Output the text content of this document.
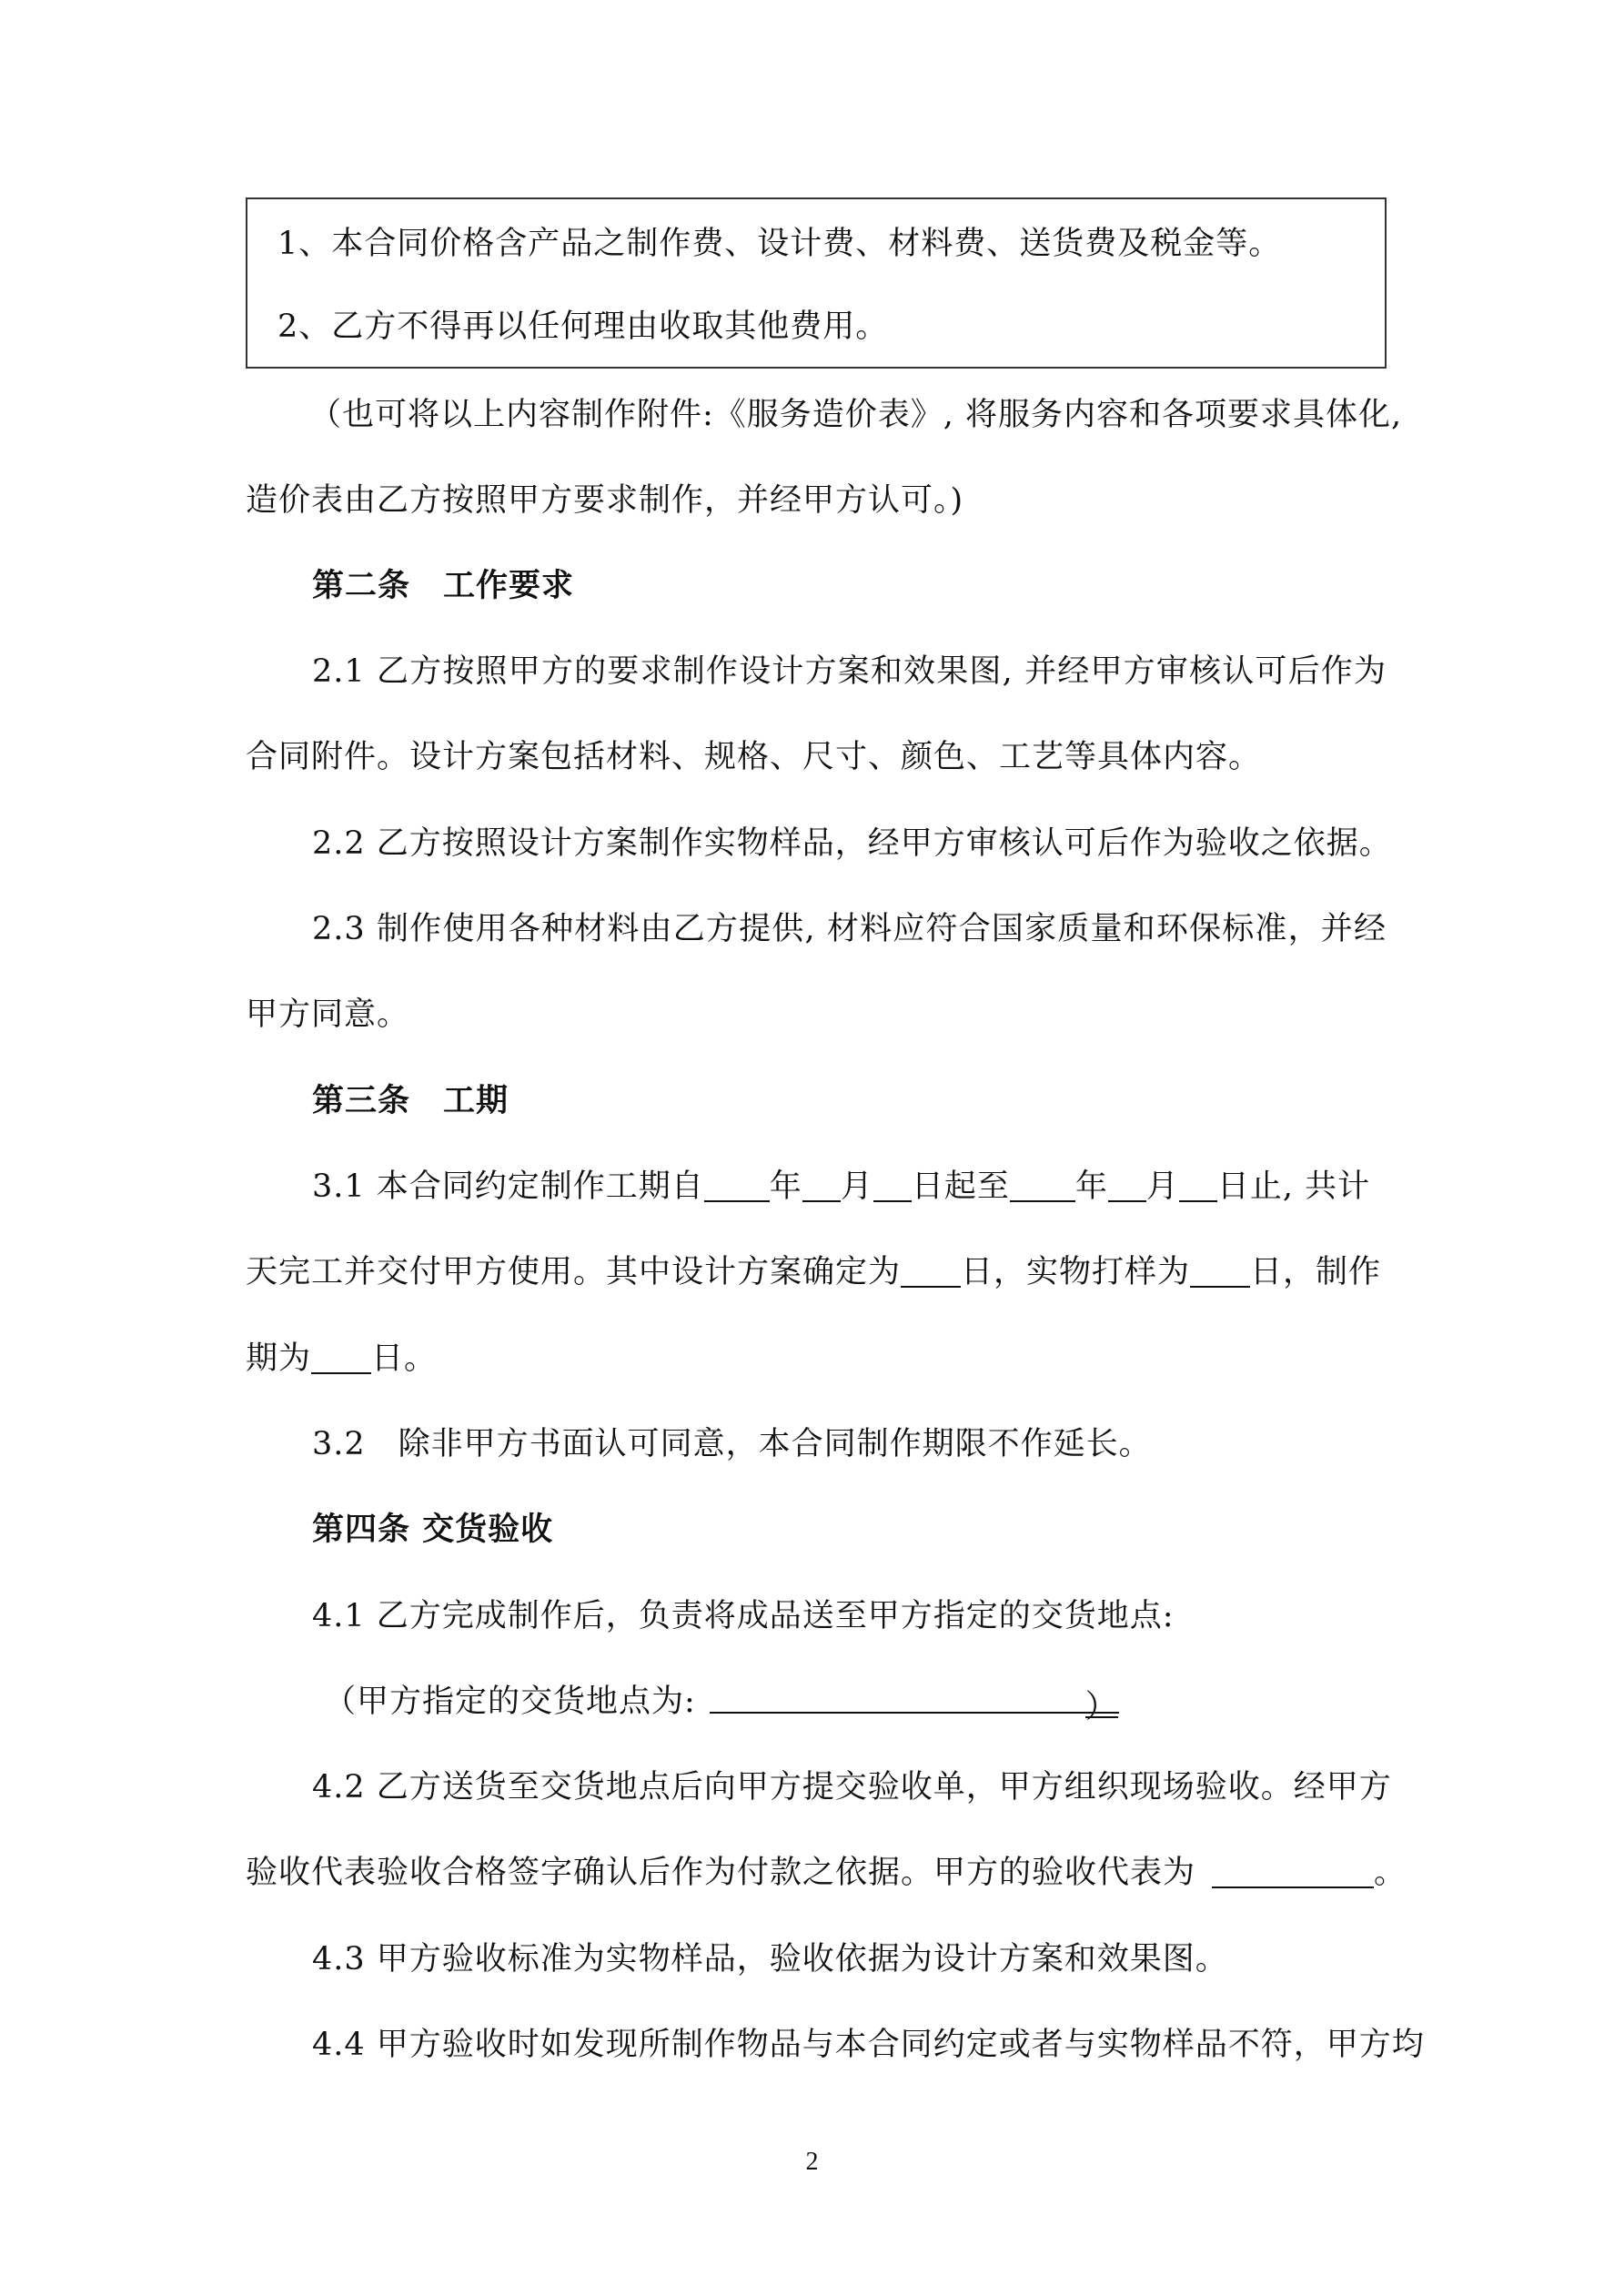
1、本合同价格含产品之制作费、设计费、材料费、送货费及税金等。
2、乙方不得再以任何理由收取其他费用。
（也可将以上内容制作附件:《服务造价表》, 将服务内容和各项要求具体化,
造价表由乙方按照甲方要求制作，并经甲方认可。)
第二条　工作要求
2.1 乙方按照甲方的要求制作设计方案和效果图, 并经甲方审核认可后作为
合同附件。设计方案包括材料、规格、尺寸、颜色、工艺等具体内容。
2.2 乙方按照设计方案制作实物样品，经甲方审核认可后作为验收之依据。
2.3 制作使用各种材料由乙方提供, 材料应符合国家质量和环保标准，并经
甲方同意。
第三条　工期
3.1 本合同约定制作工期自 年 月 日起至 年 月 日止, 共计
天完工并交付甲方使用。其中设计方案确定为 日，实物打样为 日，制作
期为 日。
3.2　除非甲方书面认可同意，本合同制作期限不作延长。
第四条 交货验收
4.1 乙方完成制作后，负责将成品送至甲方指定的交货地点:
（甲方指定的交货地点为:	）
4.2 乙方送货至交货地点后向甲方提交验收单，甲方组织现场验收。经甲方
验收代表验收合格签字确认后作为付款之依据。甲方的验收代表为	。
4.3 甲方验收标准为实物样品，验收依据为设计方案和效果图。
4.4 甲方验收时如发现所制作物品与本合同约定或者与实物样品不符，甲方均
2
